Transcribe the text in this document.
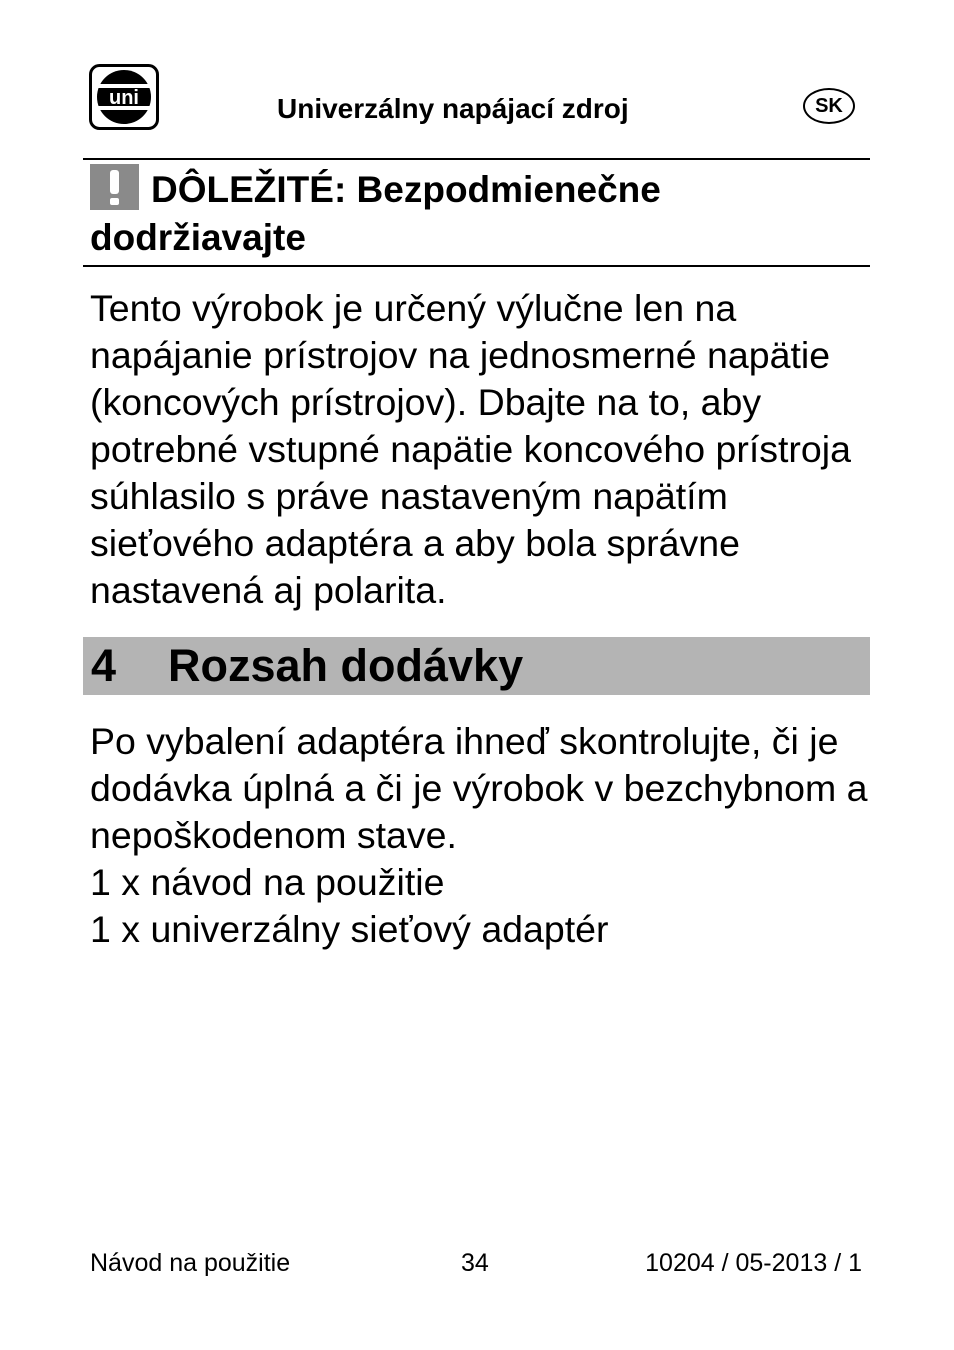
uni	Univerzálny napájací zdroj	SK
DÔLEŽITÉ: Bezpodmienečne dodržiavajte

Tento výrobok je určený výlučne len na napájanie prístrojov na jednosmerné napätie (koncových prístrojov). Dbajte na to, aby potrebné vstupné napätie koncového prístroja súhlasilo s práve nastaveným napätím sieťového adaptéra a aby bola správne nastavená aj polarita.

4 Rozsah dodávky

Po vybalení adaptéra ihneď skontrolujte, či je dodávka úplná a či je výrobok v bezchybnom a nepoškodenom stave.

1 x návod na použitie
1 x univerzálny sieťový adaptér
Návod na použitie	34	10204 / 05-2013 / 1
